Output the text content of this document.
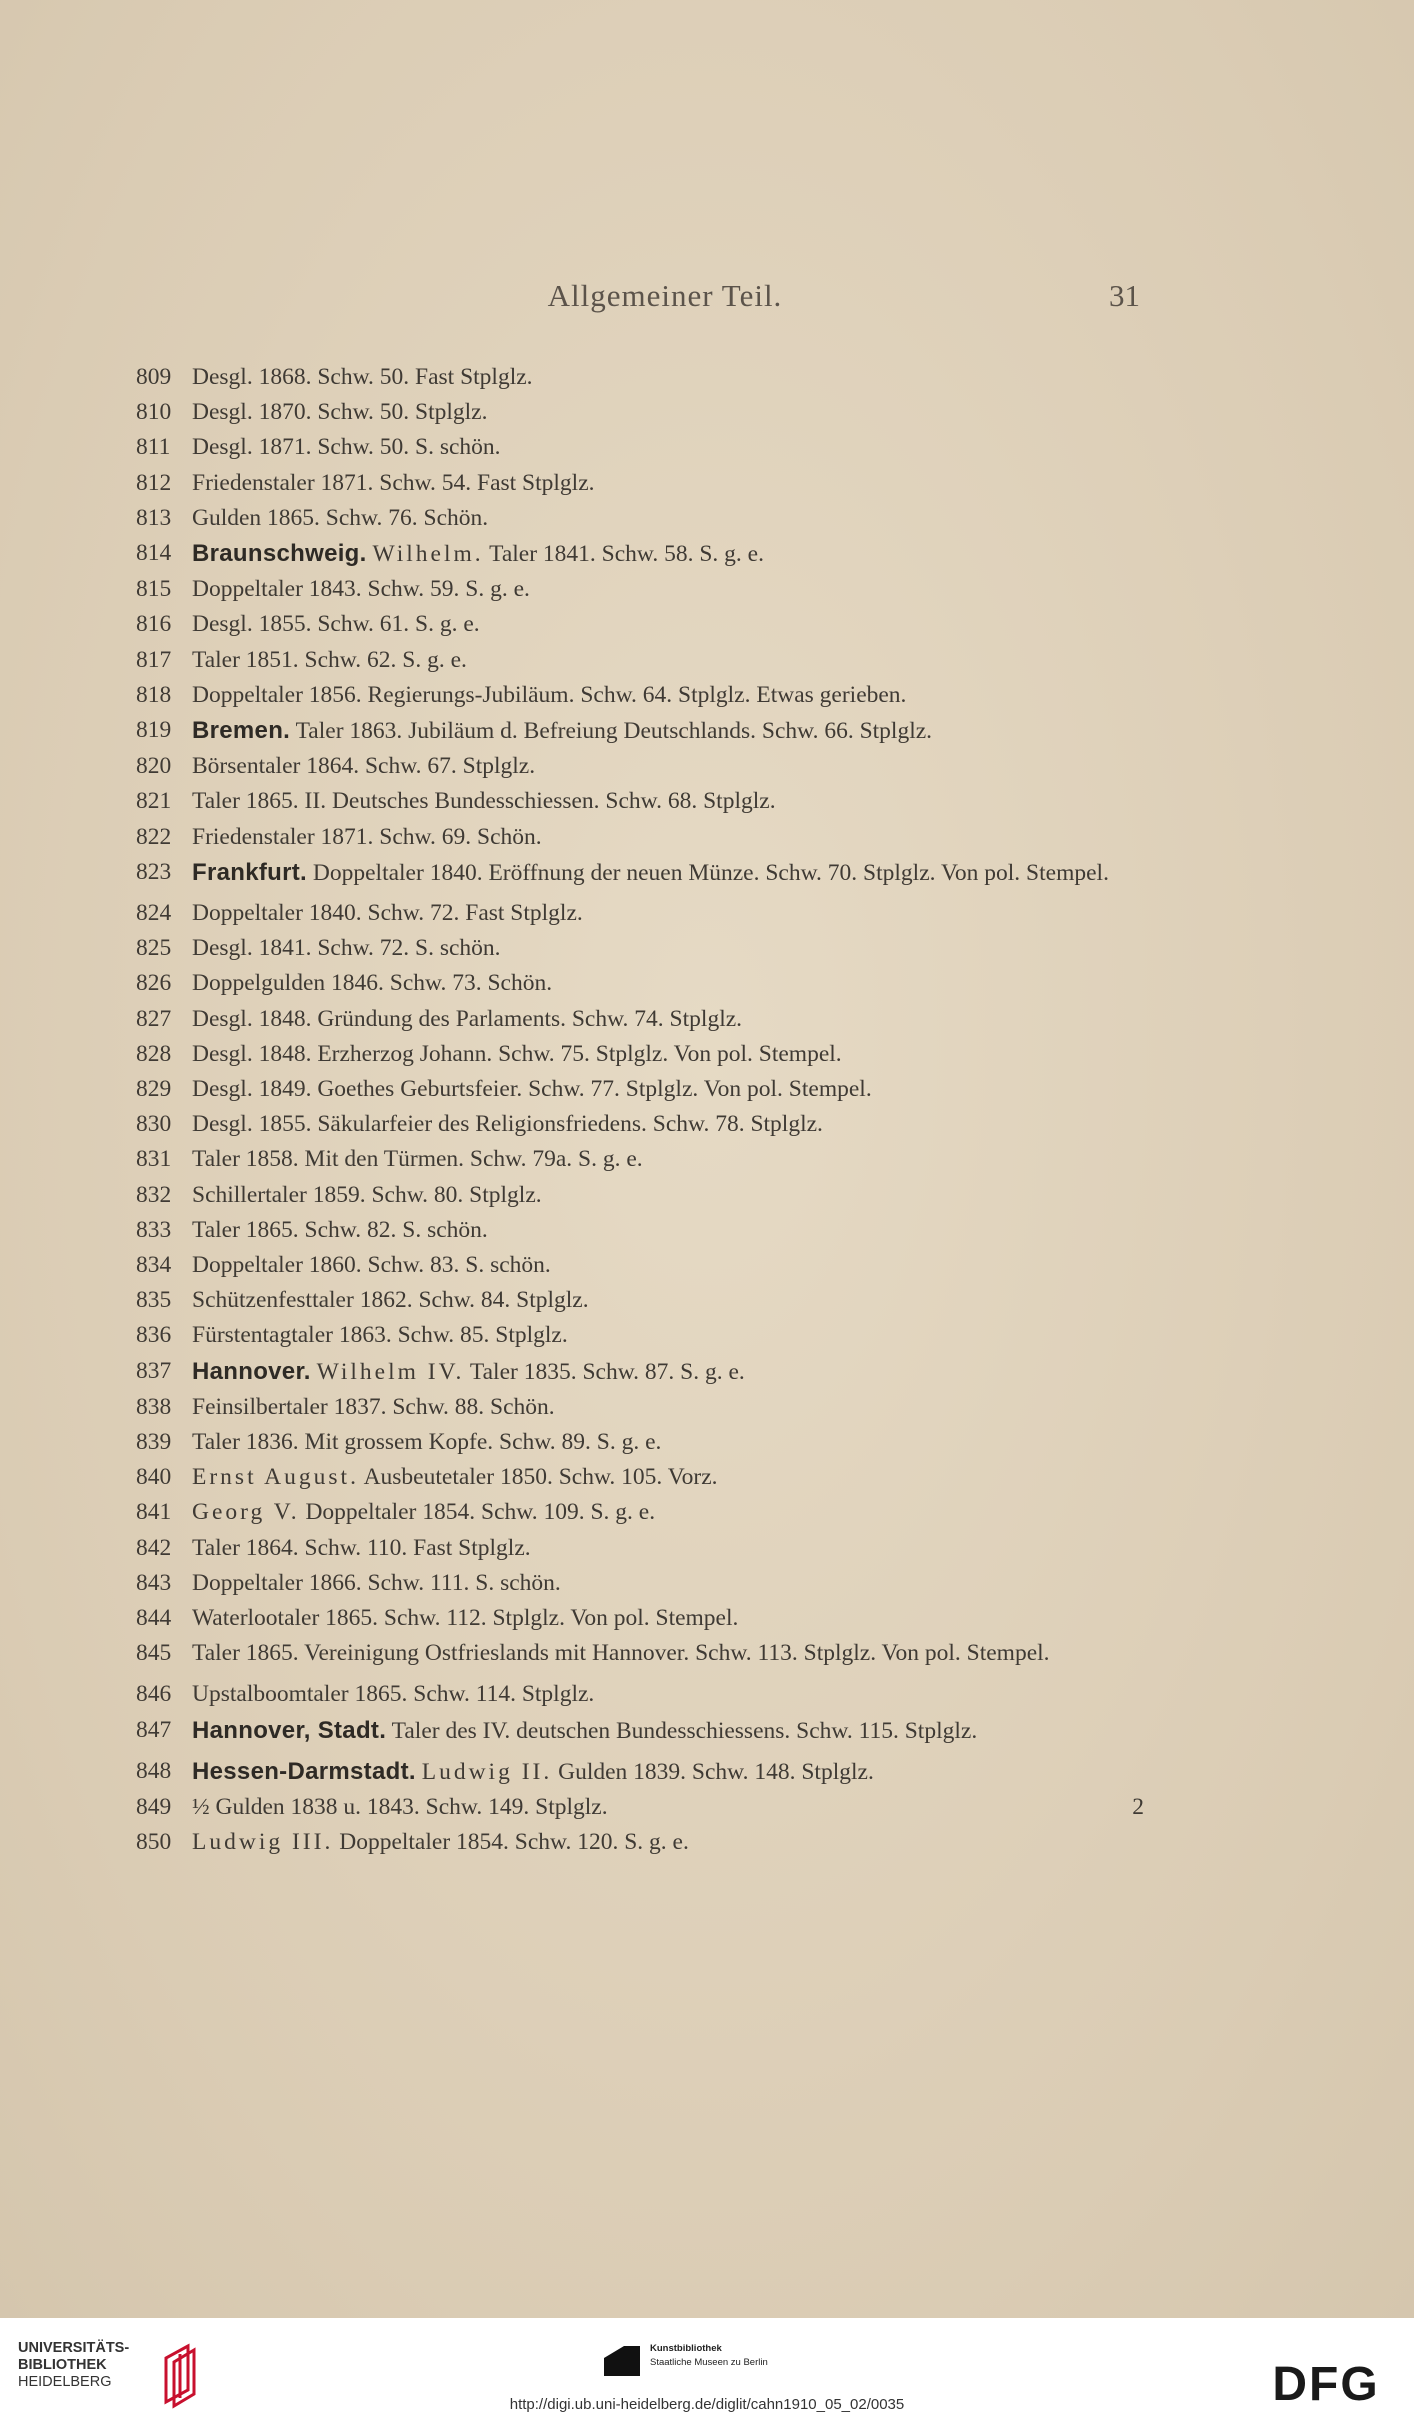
Allgemeiner Teil.	31
809 Desgl. 1868. Schw. 50. Fast Stplglz.
810 Desgl. 1870. Schw. 50. Stplglz.
811 Desgl. 1871. Schw. 50. S. schön.
812 Friedenstaler 1871. Schw. 54. Fast Stplglz.
813 Gulden 1865. Schw. 76. Schön.
814 Braunschweig. Wilhelm. Taler 1841. Schw. 58. S. g. e.
815 Doppeltaler 1843. Schw. 59. S. g. e.
816 Desgl. 1855. Schw. 61. S. g. e.
817 Taler 1851. Schw. 62. S. g. e.
818 Doppeltaler 1856. Regierungs-Jubiläum. Schw. 64. Stplglz. Etwas gerieben.
819 Bremen. Taler 1863. Jubiläum d. Befreiung Deutschlands. Schw. 66. Stplglz.
820 Börsentaler 1864. Schw. 67. Stplglz.
821 Taler 1865. II. Deutsches Bundesschiessen. Schw. 68. Stplglz.
822 Friedenstaler 1871. Schw. 69. Schön.
823 Frankfurt. Doppeltaler 1840. Eröffnung der neuen Münze. Schw. 70. Stplglz. Von pol. Stempel.
824 Doppeltaler 1840. Schw. 72. Fast Stplglz.
825 Desgl. 1841. Schw. 72. S. schön.
826 Doppelgulden 1846. Schw. 73. Schön.
827 Desgl. 1848. Gründung des Parlaments. Schw. 74. Stplglz.
828 Desgl. 1848. Erzherzog Johann. Schw. 75. Stplglz. Von pol. Stempel.
829 Desgl. 1849. Goethes Geburtsfeier. Schw. 77. Stplglz. Von pol. Stempel.
830 Desgl. 1855. Säkularfeier des Religionsfriedens. Schw. 78. Stplglz.
831 Taler 1858. Mit den Türmen. Schw. 79a. S. g. e.
832 Schillertaler 1859. Schw. 80. Stplglz.
833 Taler 1865. Schw. 82. S. schön.
834 Doppeltaler 1860. Schw. 83. S. schön.
835 Schützenfesttaler 1862. Schw. 84. Stplglz.
836 Fürstentagtaler 1863. Schw. 85. Stplglz.
837 Hannover. Wilhelm IV. Taler 1835. Schw. 87. S. g. e.
838 Feinsilbertaler 1837. Schw. 88. Schön.
839 Taler 1836. Mit grossem Kopfe. Schw. 89. S. g. e.
840 Ernst August. Ausbeutetaler 1850. Schw. 105. Vorz.
841 Georg V. Doppeltaler 1854. Schw. 109. S. g. e.
842 Taler 1864. Schw. 110. Fast Stplglz.
843 Doppeltaler 1866. Schw. 111. S. schön.
844 Waterlootaler 1865. Schw. 112. Stplglz. Von pol. Stempel.
845 Taler 1865. Vereinigung Ostfrieslands mit Hannover. Schw. 113. Stplglz. Von pol. Stempel.
846 Upstalboomtaler 1865. Schw. 114. Stplglz.
847 Hannover, Stadt. Taler des IV. deutschen Bundesschiessens. Schw. 115. Stplglz.
848 Hessen-Darmstadt. Ludwig II. Gulden 1839. Schw. 148. Stplglz.
849 ½ Gulden 1838 u. 1843. Schw. 149. Stplglz.	2
850 Ludwig III. Doppeltaler 1854. Schw. 120. S. g. e.
UNIVERSITÄTS-
BIBLIOTHEK
HEIDELBERG
Kunstbibliothek
Staatliche Museen zu Berlin	DFG
http://digi.ub.uni-heidelberg.de/diglit/cahn1910_05_02/0035
